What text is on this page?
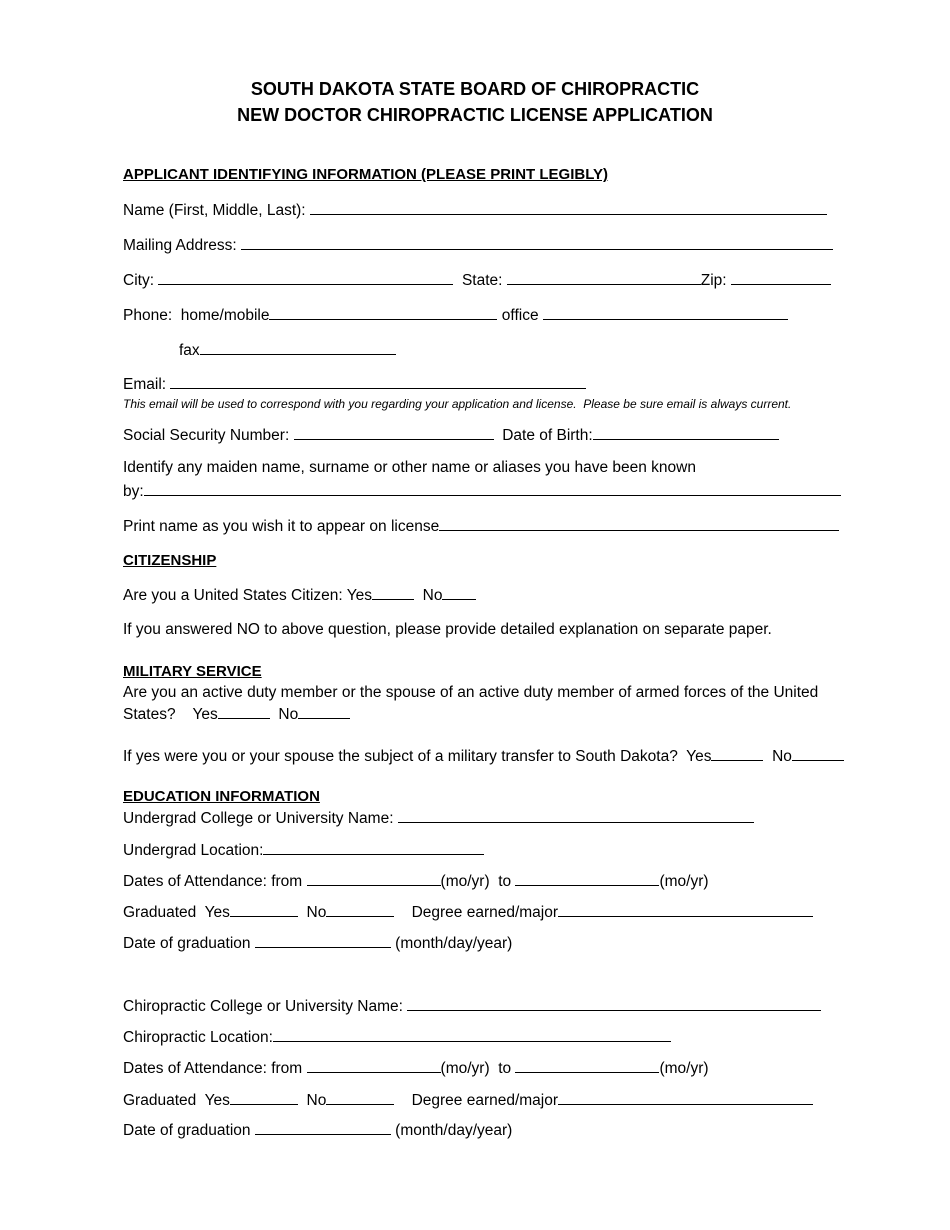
SOUTH DAKOTA STATE BOARD OF CHIROPRACTIC
NEW DOCTOR CHIROPRACTIC LICENSE APPLICATION
APPLICANT IDENTIFYING INFORMATION (PLEASE PRINT LEGIBLY)
Name (First, Middle, Last):
Mailing Address:
City:	State:	Zip:
Phone:  home/mobile	office
fax
Email:
This email will be used to correspond with you regarding your application and license.  Please be sure email is always current.
Social Security Number:	Date of Birth:
Identify any maiden name, surname or other name or aliases you have been known
by:
Print name as you wish it to appear on license
CITIZENSHIP
Are you a United States Citizen: Yes	No
If you answered NO to above question, please provide detailed explanation on separate paper.
MILITARY SERVICE
Are you an active duty member or the spouse of an active duty member of armed forces of the United
States?    Yes	No
If yes were you or your spouse the subject of a military transfer to South Dakota?  Yes	No
EDUCATION INFORMATION
Undergrad College or University Name:
Undergrad Location:
Dates of Attendance: from	(mo/yr) to	(mo/yr)
Graduated  Yes	No	Degree earned/major
Date of graduation	(month/day/year)
Chiropractic College or University Name:
Chiropractic Location:
Dates of Attendance: from	(mo/yr) to	(mo/yr)
Graduated  Yes	No	Degree earned/major
Date of graduation	(month/day/year)
